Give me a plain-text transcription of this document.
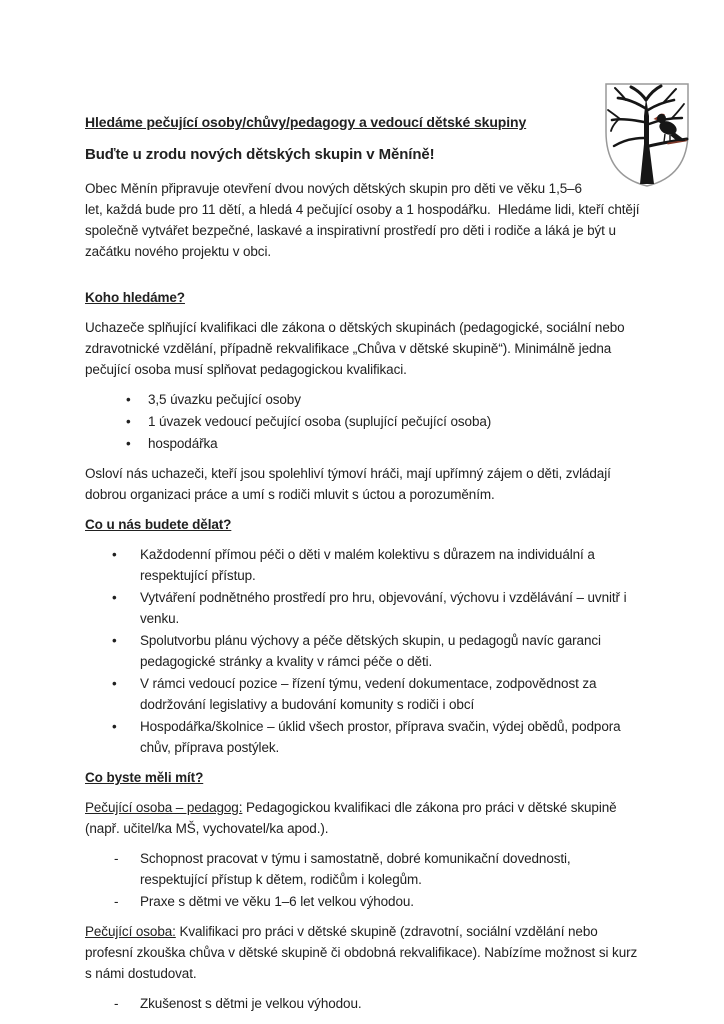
Hledáme pečující osoby/chůvy/pedagogy a vedoucí dětské skupiny

Buďte u zrodu nových dětských skupin v Měníně!

Obec Měnín připravuje otevření dvou nových dětských skupin pro děti ve věku 1,5–6 let, každá bude pro 11 dětí, a hledá 4 pečující osoby a 1 hospodářku.  Hledáme lidi, kteří chtějí společně vytvářet bezpečné, laskavé a inspirativní prostředí pro děti i rodiče a láká je být u začátku nového projektu v obci.

Koho hledáme?

Uchazeče splňující kvalifikaci dle zákona o dětských skupinách (pedagogické, sociální nebo zdravotnické vzdělání, případně rekvalifikace „Chůva v dětské skupině“). Minimálně jedna pečující osoba musí splňovat pedagogickou kvalifikaci.

• 3,5 úvazku pečující osoby
• 1 úvazek vedoucí pečující osoba (suplující pečující osoba)
• hospodářka

Osloví nás uchazeči, kteří jsou spolehliví týmoví hráči, mají upřímný zájem o děti, zvládají dobrou organizaci práce a umí s rodiči mluvit s úctou a porozuměním.

Co u nás budete dělat?

• Každodenní přímou péči o děti v malém kolektivu s důrazem na individuální a respektující přístup.
• Vytváření podnětného prostředí pro hru, objevování, výchovu i vzdělávání – uvnitř i venku.
• Spolutvorbu plánu výchovy a péče dětských skupin, u pedagogů navíc garanci pedagogické stránky a kvality v rámci péče o děti.
• V rámci vedoucí pozice – řízení týmu, vedení dokumentace, zodpovědnost za dodržování legislativy a budování komunity s rodiči i obcí
• Hospodářka/školnice – úklid všech prostor, příprava svačin, výdej obědů, podpora chův, příprava postýlek.

Co byste měli mít?

Pečující osoba – pedagog: Pedagogickou kvalifikaci dle zákona pro práci v dětské skupině (např. učitel/ka MŠ, vychovatel/ka apod.).

- Schopnost pracovat v týmu i samostatně, dobré komunikační dovednosti, respektující přístup k dětem, rodičům i kolegům.
- Praxe s dětmi ve věku 1–6 let velkou výhodou.

Pečující osoba: Kvalifikaci pro práci v dětské skupině (zdravotní, sociální vzdělání nebo profesní zkouška chůva v dětské skupině či obdobná rekvalifikace). Nabízíme možnost si kurz s námi dostudovat.

- Zkušenost s dětmi je velkou výhodou.
